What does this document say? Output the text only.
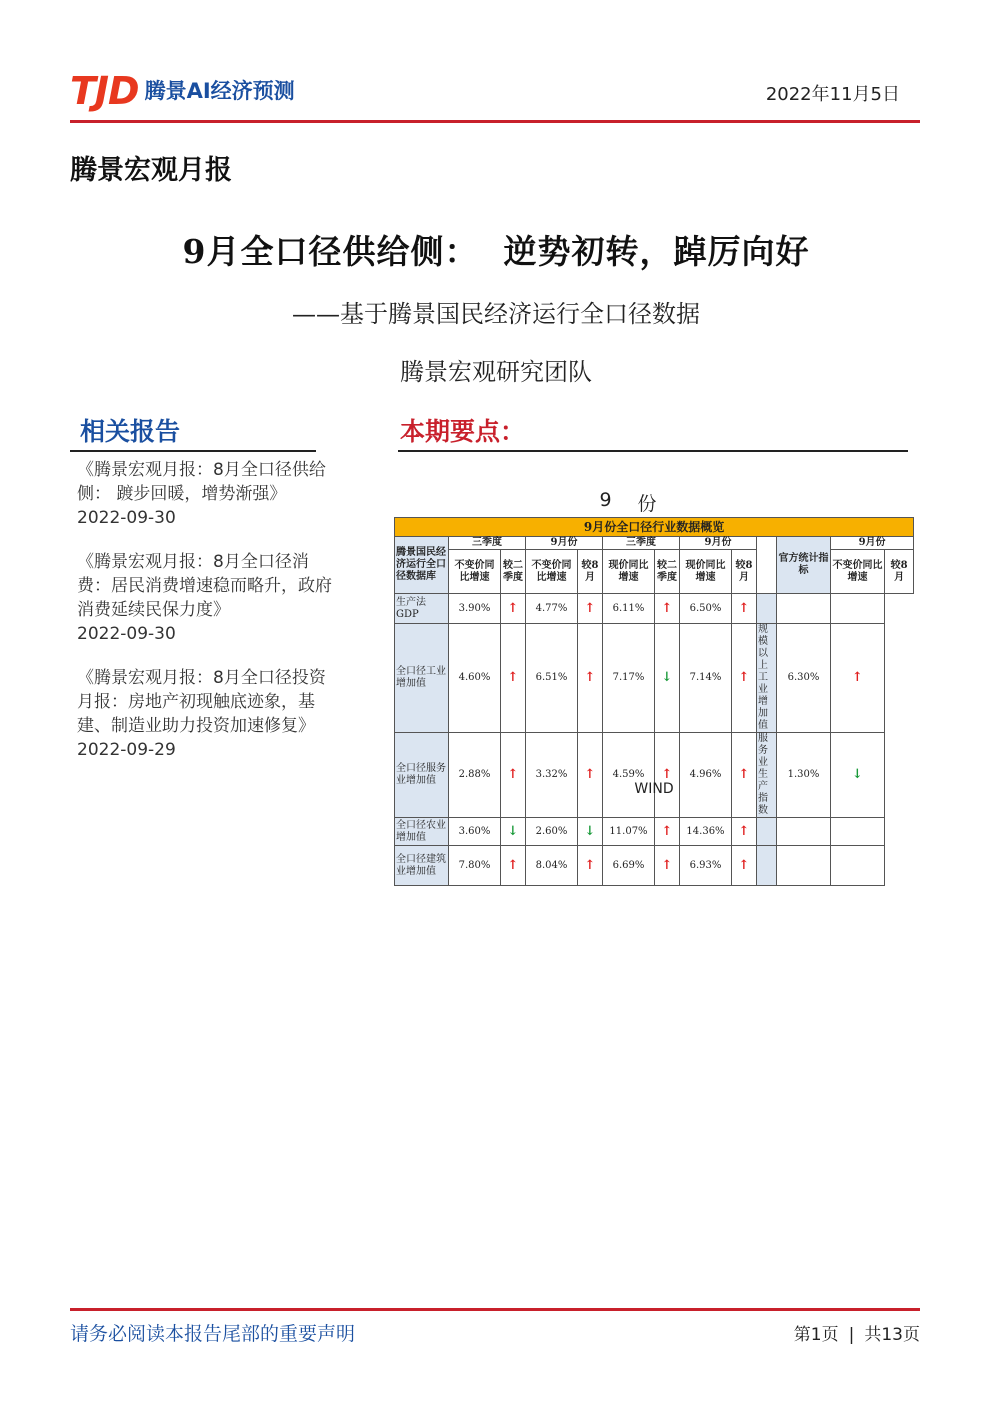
TJD 腾景AI经济预测	2022年11月5日
腾景宏观月报
9月全口径供给侧：  逆势初转，踔厉向好
——基于腾景国民经济运行全口径数据
腾景宏观研究团队
相关报告
《腾景宏观月报：8月全口径供给侧： 踱步回暖，增势渐强》
2022-09-30
《腾景宏观月报：8月全口径消费：居民消费增速稳而略升，政府消费延续民保力度》
2022-09-30
《腾景宏观月报：8月全口径投资月报：房地产初现触底迹象，基建、制造业助力投资加速修复》
2022-09-29
本期要点：
9 份
9月份全口径行业数据概览												
腾景国民经济运行全口径数据库	三季度		9月份		三季度		9月份			官方统计指标	9月份	
	不变价同比增速	较二季度	不变价同比增速	较8月	现价同比增速	较二季度	现价同比增速	较8月			不变价同比增速	较8月
生产法GDP	3.90%	↑	4.77%	↑	6.11%	↑	6.50%	↑				
全口径工业增加值	4.60%	↑	6.51%	↑	7.17%	↓	7.14%	↑	规模以上工业增加值	6.30%	↑	
全口径服务业增加值	2.88%	↑	3.32%	↑	4.59%	↑	4.96%	↑	服务业生产指数	1.30%	↓	
全口径农业增加值	3.60%	↓	2.60%	↓	11.07%	↑	14.36%	↑				
全口径建筑业增加值	7.80%	↑	8.04%	↑	6.69%	↑	6.93%	↑				
WIND
请务必阅读本报告尾部的重要声明	第1页 | 共13页
